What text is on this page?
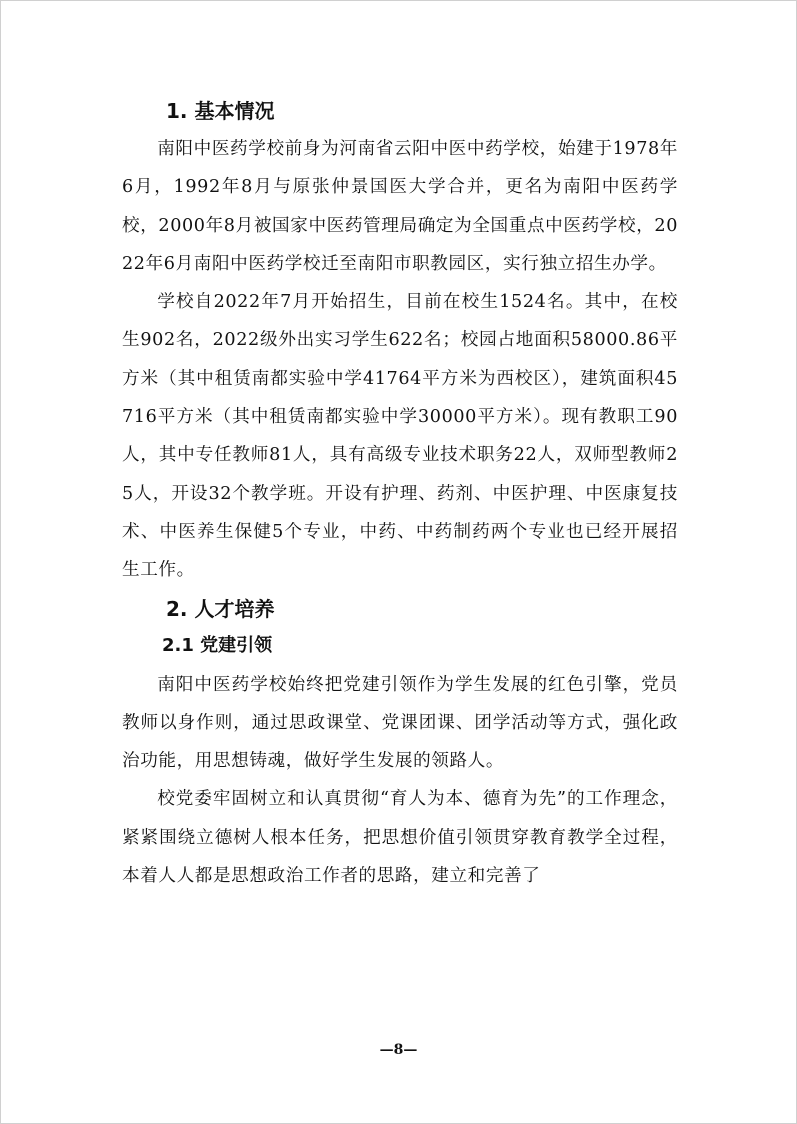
1. 基本情况

南阳中医药学校前身为河南省云阳中医中药学校，始建于1978年6月，1992年8月与原张仲景国医大学合并，更名为南阳中医药学校，2000年8月被国家中医药管理局确定为全国重点中医药学校，2022年6月南阳中医药学校迁至南阳市职教园区，实行独立招生办学。

学校自2022年7月开始招生，目前在校生1524名。其中，在校生902名，2022级外出实习学生622名；校园占地面积58000.86平方米（其中租赁南都实验中学41764平方米为西校区），建筑面积45716平方米（其中租赁南都实验中学30000平方米）。现有教职工90人，其中专任教师81人，具有高级专业技术职务22人，双师型教师25人，开设32个教学班。开设有护理、药剂、中医护理、中医康复技术、中医养生保健5个专业，中药、中药制药两个专业也已经开展招生工作。

2. 人才培养
2.1 党建引领

南阳中医药学校始终把党建引领作为学生发展的红色引擎，党员教师以身作则，通过思政课堂、党课团课、团学活动等方式，强化政治功能，用思想铸魂，做好学生发展的领路人。

校党委牢固树立和认真贯彻“育人为本、德育为先”的工作理念，紧紧围绕立德树人根本任务，把思想价值引领贯穿教育教学全过程，本着人人都是思想政治工作者的思路，建立和完善了

—8—
